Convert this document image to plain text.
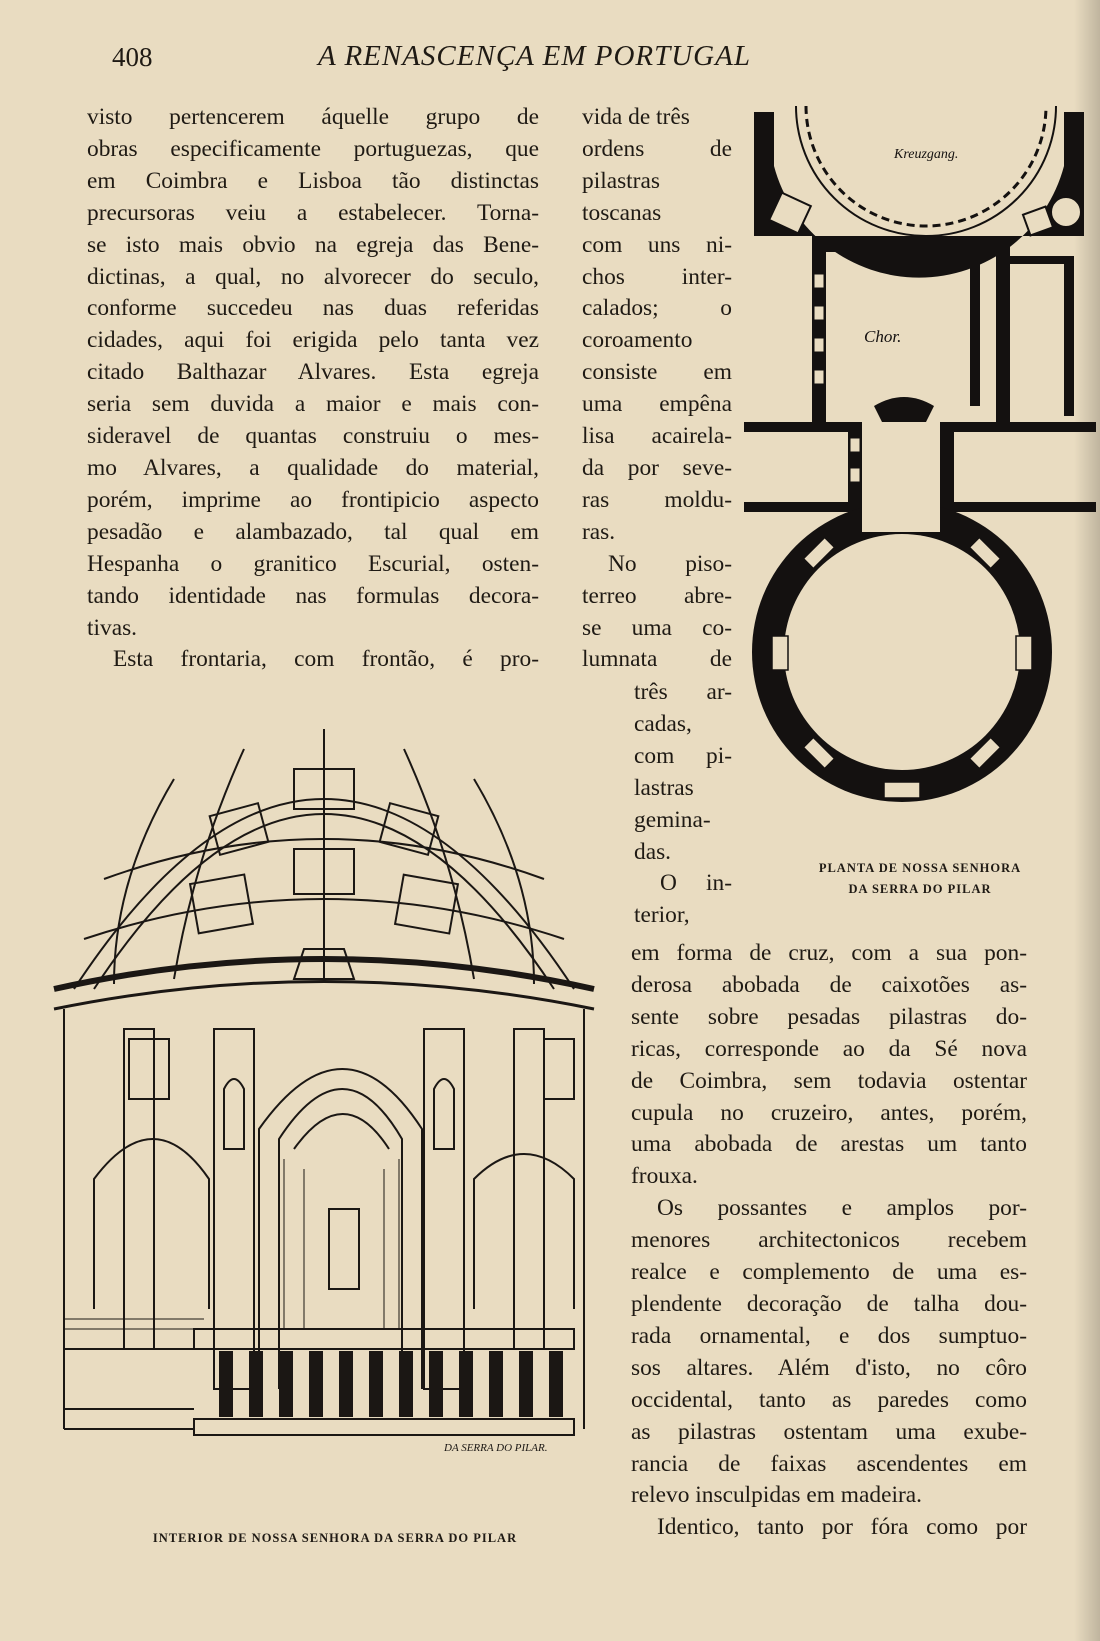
408	A RENASCENÇA EM PORTUGAL

visto pertencerem áquelle grupo de

obras especificamente portuguezas, que

em Coimbra e Lisboa tão distinctas

precursoras veiu a estabelecer. Torna-

se isto mais obvio na egreja das Bene-

dictinas, a qual, no alvorecer do seculo,

conforme succedeu nas duas referidas

cidades, aqui foi erigida pelo tanta vez

citado Balthazar Alvares. Esta egreja

seria sem duvida a maior e mais con-

sideravel de quantas construiu o mes-

mo Alvares, a qualidade do material,

porém, imprime ao frontipicio aspecto

pesadão e alambazado, tal qual em

Hespanha o granitico Escurial, osten-

tando identidade nas formulas decora-

tivas.

Esta frontaria, com frontão, é pro-

vida de três

ordens de

pilastras

toscanas

com uns ni-

chos inter-

calados; o

coroamento

consiste em

uma empêna

lisa acairela-

da por seve-

ras moldu-

ras.

No piso-

terreo abre-

se uma co-

lumnata de

três ar-

cadas,

com pi-

lastras

gemina-

das.

O in-

terior,

em forma de cruz, com a sua pon-

derosa abobada de caixotões as-

sente sobre pesadas pilastras do-

ricas, corresponde ao da Sé nova

de Coimbra, sem todavia ostentar

cupula no cruzeiro, antes, porém,

uma abobada de arestas um tanto

frouxa.

Os possantes e amplos por-

menores architectonicos recebem

realce e complemento de uma es-

plendente decoração de talha dou-

rada ornamental, e dos sumptuo-

sos altares. Além d'isto, no côro

occidental, tanto as paredes como

as pilastras ostentam uma exube-

rancia de faixas ascendentes em

relevo insculpidas em madeira.

Identico, tanto por fóra como por

Kreuzgang.
Chor.
PLANTA DE NOSSA SENHORA
DA SERRA DO PILAR
DA SERRA DO PILAR.
INTERIOR DE NOSSA SENHORA DA SERRA DO PILAR
